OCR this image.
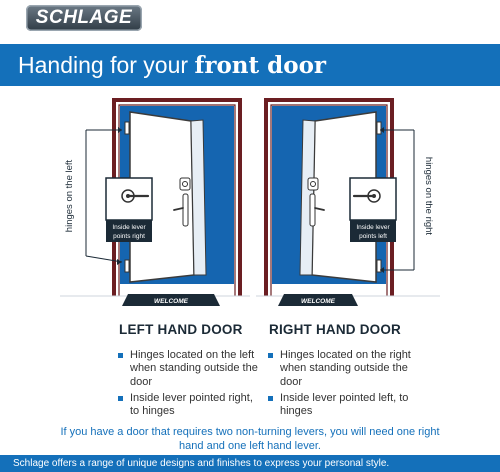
SCHLAGE
Handing for your front door
Inside lever
points right
WELCOME
hinges on the left	Inside lever
points left
WELCOME
hinges on the right
LEFT HAND DOOR RIGHT HAND DOOR
Hinges located on the left when standing outside the door
Inside lever pointed right, to hinges
Hinges located on the right when standing outside the door
Inside lever pointed left, to hinges
If you have a door that requires two non-turning levers, you will need one right hand and one left hand lever.
Schlage offers a range of unique designs and finishes to express your personal style.
